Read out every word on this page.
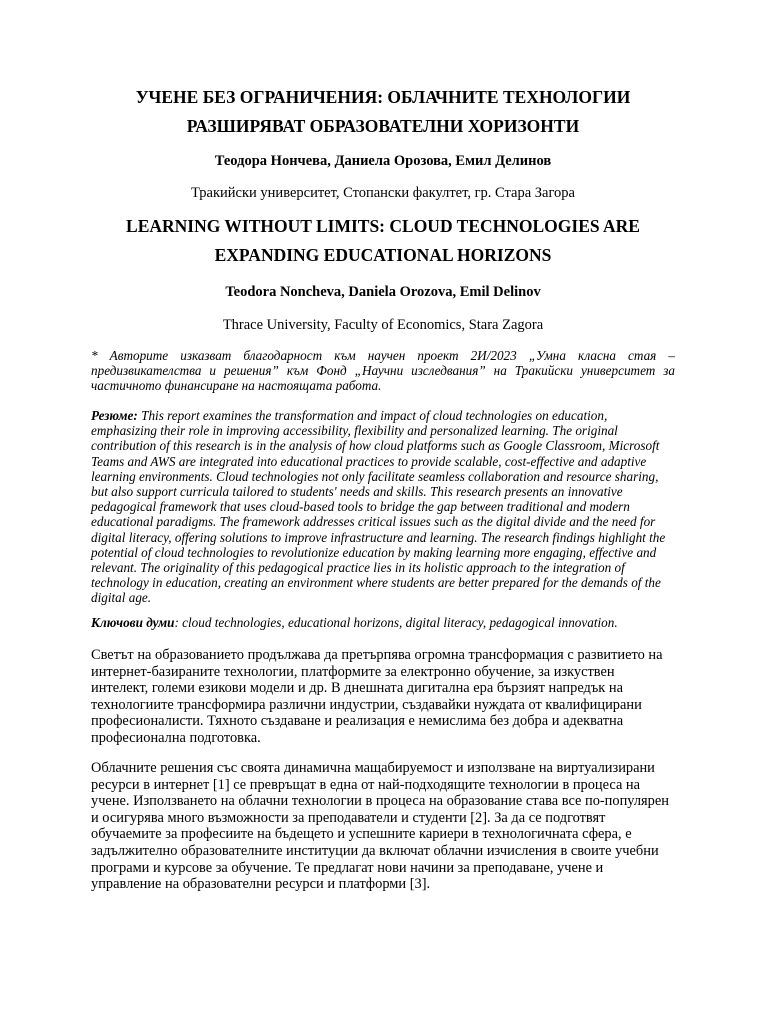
УЧЕНЕ БЕЗ ОГРАНИЧЕНИЯ: ОБЛАЧНИТЕ ТЕХНОЛОГИИ
РАЗШИРЯВАТ ОБРАЗОВАТЕЛНИ ХОРИЗОНТИ
Теодора Нончева, Даниела Орозова, Емил Делинов
Тракийски университет, Стопански факултет, гр. Стара Загора
LEARNING WITHOUT LIMITS: CLOUD TECHNOLOGIES ARE
EXPANDING EDUCATIONAL HORIZONS
Teodora Noncheva, Daniela Orozova, Emil Delinov
Thrace University, Faculty of Economics, Stara Zagora
* Авторите изказват благодарност към научен проект 2И/2023 „Умна класна стая – предизвикателства и решения” към Фонд „Научни изследвания” на Тракийски университет за частичното финансиране на настоящата работа.
Резюме: This report examines the transformation and impact of cloud technologies on education, emphasizing their role in improving accessibility, flexibility and personalized learning. The original contribution of this research is in the analysis of how cloud platforms such as Google Classroom, Microsoft Teams and AWS are integrated into educational practices to provide scalable, cost-effective and adaptive learning environments. Cloud technologies not only facilitate seamless collaboration and resource sharing, but also support curricula tailored to students' needs and skills. This research presents an innovative pedagogical framework that uses cloud-based tools to bridge the gap between traditional and modern educational paradigms. The framework addresses critical issues such as the digital divide and the need for digital literacy, offering solutions to improve infrastructure and learning. The research findings highlight the potential of cloud technologies to revolutionize education by making learning more engaging, effective and relevant. The originality of this pedagogical practice lies in its holistic approach to the integration of technology in education, creating an environment where students are better prepared for the demands of the digital age.
Ключови думи: cloud technologies, educational horizons, digital literacy, pedagogical innovation.
Светът на образованието продължава да претърпява огромна трансформация с развитието на интернет-базираните технологии, платформите за електронно обучение, за изкуствен интелект, големи езикови модели и др. В днешната дигитална ера бързият напредък на технологиите трансформира различни индустрии, създавайки нуждата от квалифицирани професионалисти. Тяхното създаване и реализация е немислима без добра и адекватна професионална подготовка.
Облачните решения със своята динамична мащабируемост и използване на виртуализирани ресурси в интернет [1] се превръщат в една от най-подходящите технологии в процеса на учене. Използването на облачни технологии в процеса на образование става все по-популярен и осигурява много възможности за преподаватели и студенти [2]. За да се подготвят обучаемите за професиите на бъдещето и успешните кариери в технологичната сфера, е задължително образователните институции да включат облачни изчисления в своите учебни програми и курсове за обучение. Те предлагат нови начини за преподаване, учене и управление на образователни ресурси и платформи [3].
